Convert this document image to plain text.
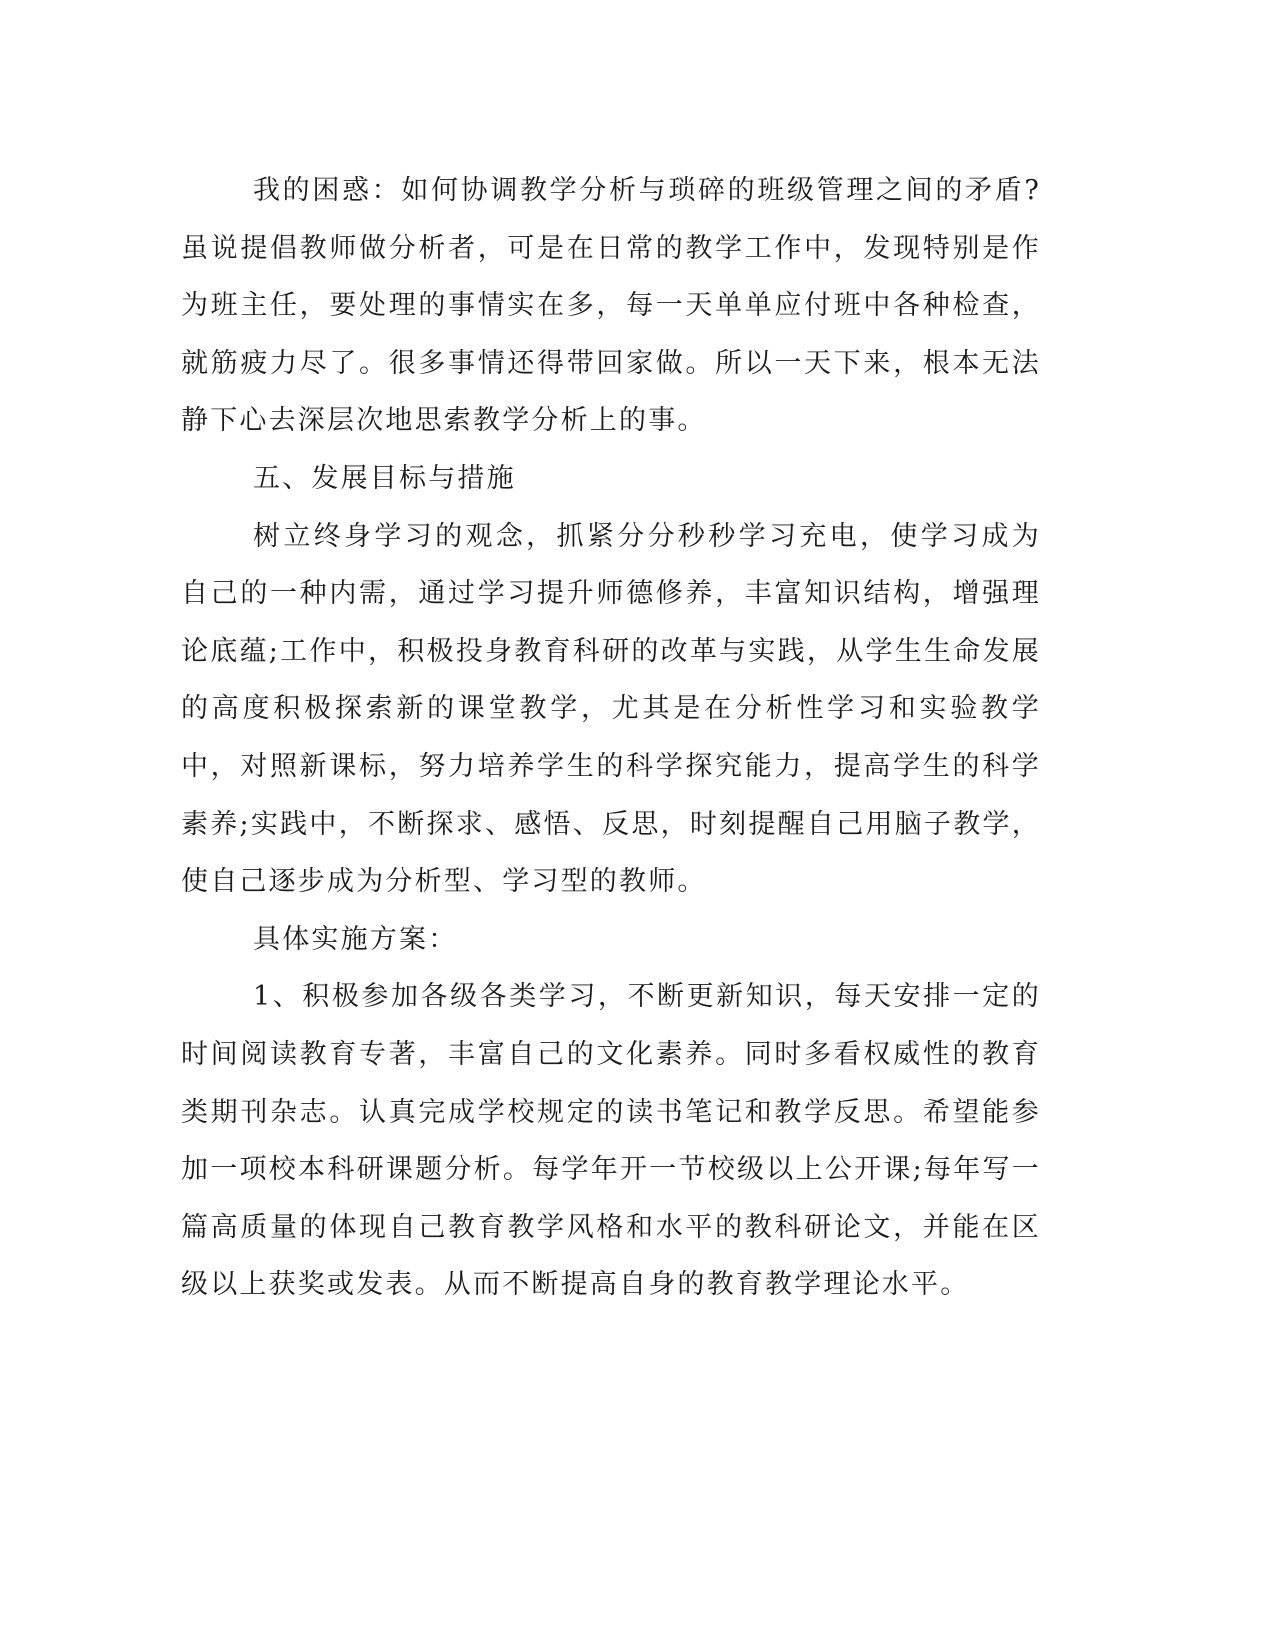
我的困惑：如何协调教学分析与琐碎的班级管理之间的矛盾?虽说提倡教师做分析者，可是在日常的教学工作中，发现特别是作为班主任，要处理的事情实在多，每一天单单应付班中各种检查，就筋疲力尽了。很多事情还得带回家做。所以一天下来，根本无法静下心去深层次地思索教学分析上的事。

五、发展目标与措施

树立终身学习的观念，抓紧分分秒秒学习充电，使学习成为自己的一种内需，通过学习提升师德修养，丰富知识结构，增强理论底蕴;工作中，积极投身教育科研的改革与实践，从学生生命发展的高度积极探索新的课堂教学，尤其是在分析性学习和实验教学中，对照新课标，努力培养学生的科学探究能力，提高学生的科学素养;实践中，不断探求、感悟、反思，时刻提醒自己用脑子教学，使自己逐步成为分析型、学习型的教师。

具体实施方案：

1、积极参加各级各类学习，不断更新知识，每天安排一定的时间阅读教育专著，丰富自己的文化素养。同时多看权威性的教育类期刊杂志。认真完成学校规定的读书笔记和教学反思。希望能参加一项校本科研课题分析。每学年开一节校级以上公开课;每年写一篇高质量的体现自己教育教学风格和水平的教科研论文，并能在区级以上获奖或发表。从而不断提高自身的教育教学理论水平。
